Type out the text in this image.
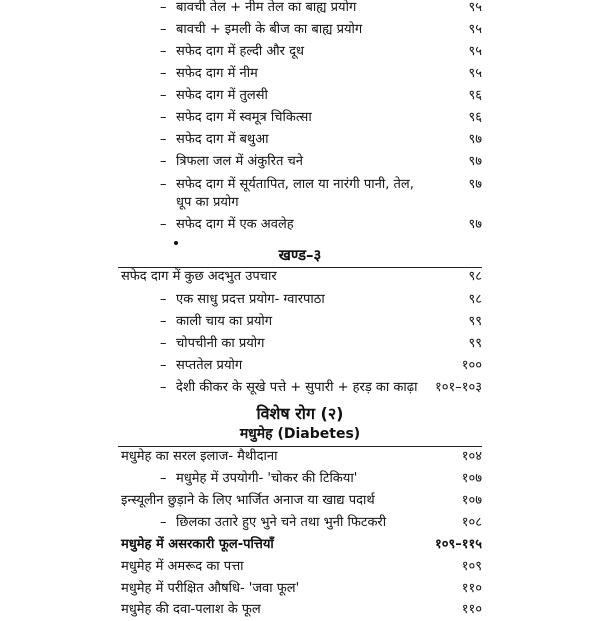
– बावची तेल + नीम तेल का बाह्य प्रयोग	९५
– बावची + इमली के बीज का बाह्य प्रयोग	९५
– सफेद दाग में हल्दी और दूध	९५
– सफेद दाग में नीम	९५
– सफेद दाग में तुलसी	९६
– सफेद दाग में स्वमूत्र चिकित्सा	९६
– सफेद दाग में बथुआ	९७
– त्रिफला जल में अंकुरित चने	९७
– सफेद दाग में सूर्यतापित, लाल या नारंगी पानी, तेल,	९७
धूप का प्रयोग
– सफेद दाग में एक अवलेह	९७
खण्ड–३
सफेद दाग में कुछ अदभुत उपचार	९८
– एक साधु प्रदत्त प्रयोग- ग्वारपाठा	९८
– काली चाय का प्रयोग	९९
– चोपचीनी का प्रयोग	९९
– सप्ततेल प्रयोग	१००
– देशी कीकर के सूखे पत्ते + सुपारी + हरड़ का काढ़ा १०१–१०३
विशेष रोग (२)
मधुमेह (Diabetes)
मधुमेह का सरल इलाज- मैथीदाना	१०४
– मधुमेह में उपयोगी- 'चोकर की टिकिया'	१०७
इन्स्यूलीन छुड़ाने के लिए भार्जित अनाज या खाद्य पदार्थ	१०७
– छिलका उतारे हुए भुने चने तथा भुनी फिटकरी	१०८
मधुमेह में असरकारी फूल-पत्तियाँ	१०९–११५
मधुमेह में अमरूद का पत्ता	१०९
मधुमेह में परीक्षित औषधि- 'जवा फूल'	११०
मधुमेह की दवा-पलाश के फूल	११०
